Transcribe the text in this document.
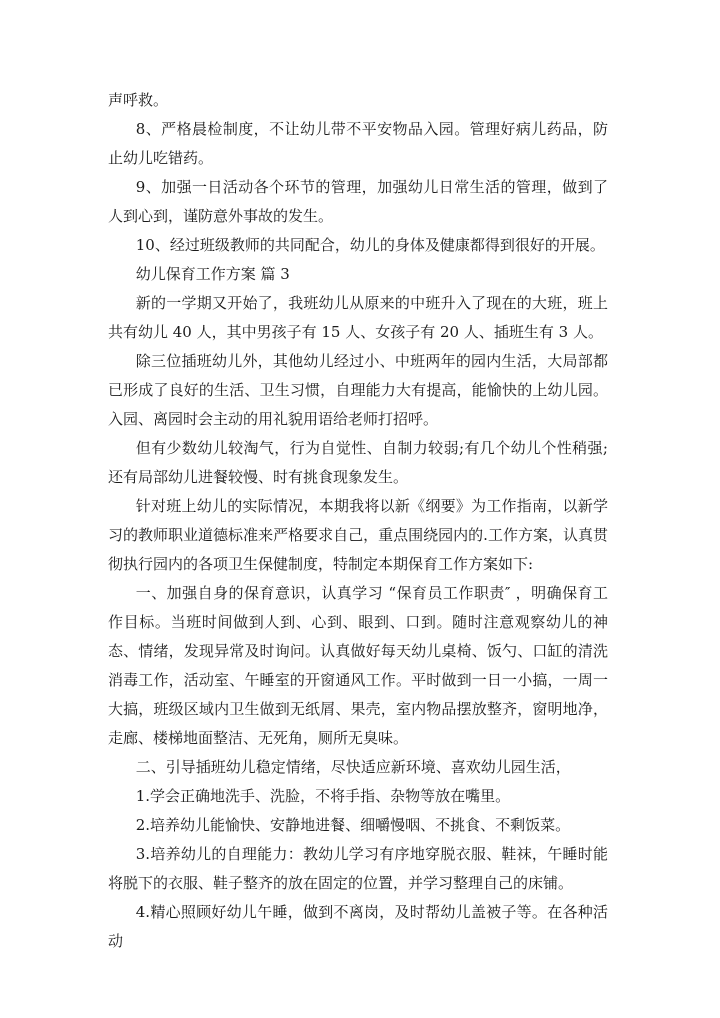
声呼救。

8、严格晨检制度，不让幼儿带不平安物品入园。管理好病儿药品，防止幼儿吃错药。

9、加强一日活动各个环节的管理，加强幼儿日常生活的管理，做到了人到心到，谨防意外事故的发生。

10、经过班级教师的共同配合，幼儿的身体及健康都得到很好的开展。

幼儿保育工作方案 篇 3

新的一学期又开始了，我班幼儿从原来的中班升入了现在的大班，班上共有幼儿 40 人，其中男孩子有 15 人、女孩子有 20 人、插班生有 3 人。

除三位插班幼儿外，其他幼儿经过小、中班两年的园内生活，大局部都已形成了良好的生活、卫生习惯，自理能力大有提高，能愉快的上幼儿园。入园、离园时会主动的用礼貌用语给老师打招呼。

但有少数幼儿较淘气，行为自觉性、自制力较弱;有几个幼儿个性稍强;还有局部幼儿进餐较慢、时有挑食现象发生。

针对班上幼儿的实际情况，本期我将以新《纲要》为工作指南，以新学习的教师职业道德标准来严格要求自己，重点围绕园内的.工作方案，认真贯彻执行园内的各项卫生保健制度，特制定本期保育工作方案如下:

一、加强自身的保育意识，认真学习 “保育员工作职责″ ，明确保育工作目标。当班时间做到人到、心到、眼到、口到。随时注意观察幼儿的神态、情绪，发现异常及时询问。认真做好每天幼儿桌椅、饭勺、口缸的清洗消毒工作，活动室、午睡室的开窗通风工作。平时做到一日一小搞，一周一大搞，班级区域内卫生做到无纸屑、果壳，室内物品摆放整齐，窗明地净，走廊、楼梯地面整洁、无死角，厕所无臭味。

二、引导插班幼儿稳定情绪，尽快适应新环境、喜欢幼儿园生活，

1.学会正确地洗手、洗脸，不将手指、杂物等放在嘴里。

2.培养幼儿能愉快、安静地进餐、细嚼慢咽、不挑食、不剩饭菜。

3.培养幼儿的自理能力：教幼儿学习有序地穿脱衣服、鞋袜，午睡时能将脱下的衣服、鞋子整齐的放在固定的位置，并学习整理自己的床铺。

4.精心照顾好幼儿午睡，做到不离岗，及时帮幼儿盖被子等。在各种活动
